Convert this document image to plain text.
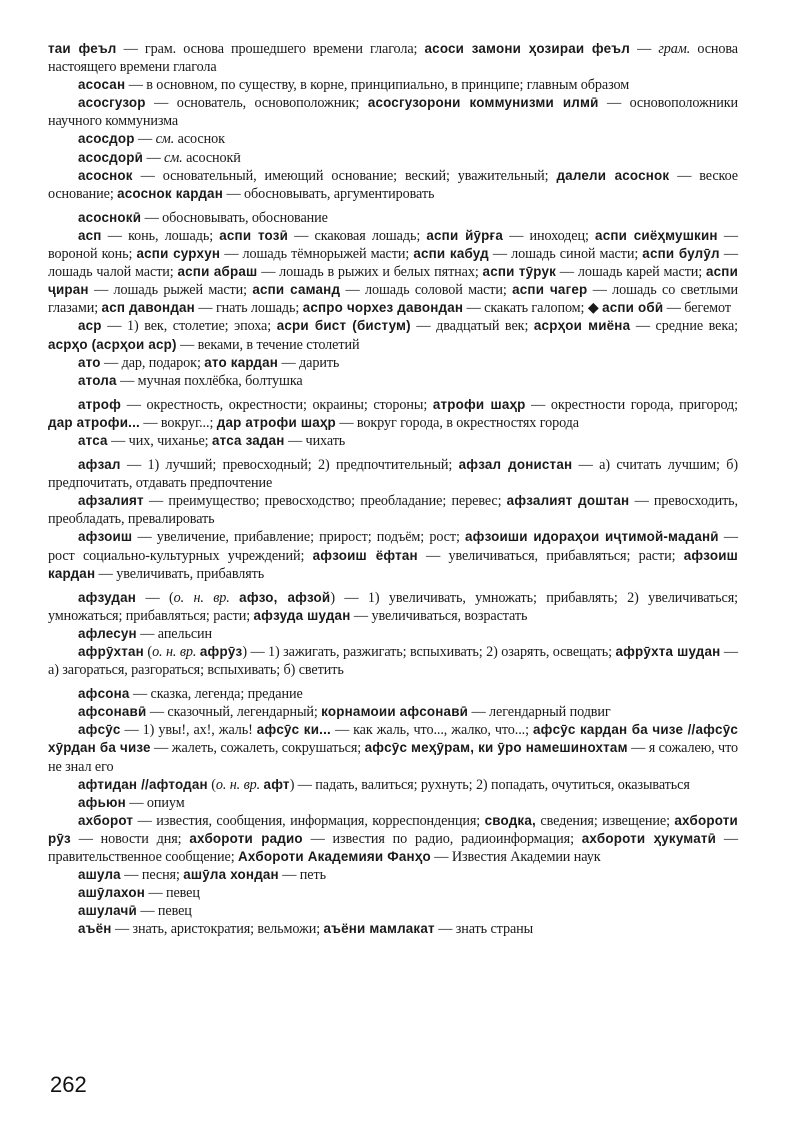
таи феъл — грам. основа прошедшего времени глагола; асоси замони ҳозираи феъл — грам. основа настоящего времени глагола

асосан — в основном, по существу, в корне, принципиально, в принципе; главным образом

асосгузор — основатель, основоположник; асосгузорони коммунизми илмӣ — основоположники научного коммунизма

асосдор — см. асоснок

асосдорӣ — см. асоснокӣ

асоснок — основательный, имеющий основание; веский; уважительный; далели асоснок — веское основание; асоснок кардан — обосновывать, аргументировать

асоснокӣ — обосновывать, обоснование

асп — конь, лошадь; аспи тозӣ — скаковая лошадь; аспи йӯрға — иноходец; аспи сиёҳмушкин — вороной конь; аспи сурхун — лошадь тёмнорыжей масти; аспи кабуд — лошадь синой масти; аспи булӯл — лошадь чалой масти; аспи абраш — лошадь в рыжих и белых пятнах; аспи тӯрук — лошадь карей масти; аспи ҷиран — лошадь рыжей масти; аспи саманд — лошадь соловой масти; аспи чагер — лошадь со светлыми глазами; асп давондан — гнать лошадь; аспро чорхез давондан — скакать галопом; ◆ аспи обӣ — бегемот

аср — 1) век, столетие; эпоха; асри бист (бистум) — двадцатый век; асрҳои миёна — средние века; асрҳо (асрҳои аср) — веками, в течение столетий

ато — дар, подарок; ато кардан — дарить

атола — мучная похлёбка, болтушка

атроф — окрестность, окрестности; окраины; стороны; атрофи шаҳр — окрестности города, пригород; дар атрофи... — вокруг...; дар атрофи шаҳр — вокруг города, в окрестностях города

атса — чих, чиханье; атса задан — чихать

афзал — 1) лучший; превосходный; 2) предпочтительный; афзал донистан — а) считать лучшим; б) предпочитать, отдавать предпочтение

афзалият — преимущество; превосходство; преобладание; перевес; афзалият доштан — превосходить, преобладать, превалировать

афзоиш — увеличение, прибавление; прирост; подъём; рост; афзоиши идораҳои иҷтимой-маданӣ — рост социально-культурных учреждений; афзоиш ёфтан — увеличиваться, прибавляться; расти; афзоиш кардан — увеличивать, прибавлять

афзудан — (о. н. вр. афзо, афзой) — 1) увеличивать, умножать; прибавлять; 2) увеличиваться; умножаться; прибавляться; расти; афзуда шудан — увеличиваться, возрастать

афлесун — апельсин

афрӯхтан (о. н. вр. афрӯз) — 1) зажигать, разжигать; вспыхивать; 2) озарять, освещать; афрӯхта шудан — а) загораться, разгораться; вспыхивать; б) светить

афсона — сказка, легенда; предание

афсонавӣ — сказочный, легендарный; корнамоии афсонавӣ — легендарный подвиг

афсӯс — 1) увы!, ах!, жаль! афсӯс ки... — как жаль, что..., жалко, что...; афсӯс кардан ба чизе //афсӯс хӯрдан ба чизе — жалеть, сожалеть, сокрушаться; афсӯс меҳӯрам, ки ӯро намешинохтам — я сожалею, что не знал его

афтидан //афтодан (о. н. вр. афт) — падать, валиться; рухнуть; 2) попадать, очутиться, оказываться

афьюн — опиум

ахборот — известия, сообщения, информация, корреспонденция; сводка, сведения; извещение; ахбороти рӯз — новости дня; ахбороти радио — известия по радио, радиоинформация; ахбороти ҳукуматӣ — правительственное сообщение; Ахбороти Академияи Фанҳо — Известия Академии наук

ашула — песня; ашӯла хондан — петь

ашӯлахон — певец

ашулачӣ — певец

аъён — знать, аристократия; вельможи; аъёни мамлакат — знать страны

262
